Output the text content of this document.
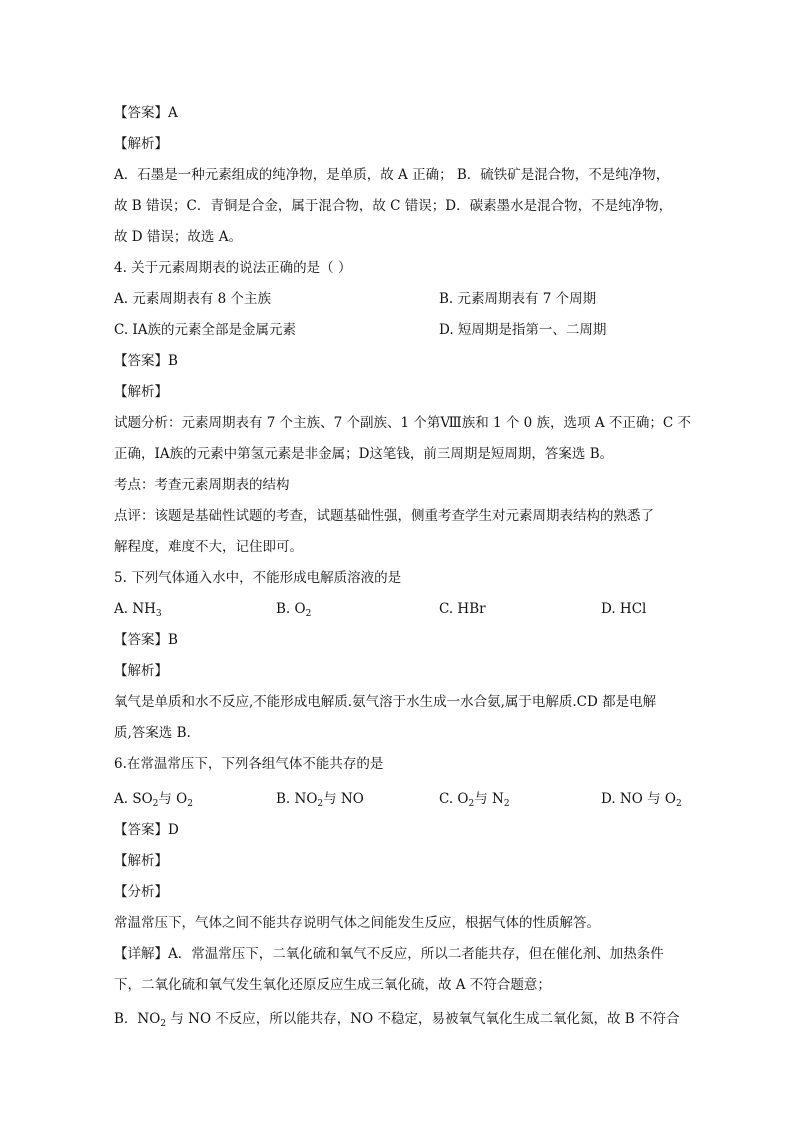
【答案】A
【解析】
A．石墨是一种元素组成的纯净物，是单质，故 A 正确； B．硫铁矿是混合物，不是纯净物，
故 B 错误；C．青铜是合金，属于混合物，故 C 错误；D．碳素墨水是混合物，不是纯净物，
故 D 错误；故选 A。
4. 关于元素周期表的说法正确的是（ ）
A. 元素周期表有 8 个主族	B. 元素周期表有 7 个周期
C. ⅠA族的元素全部是金属元素	D. 短周期是指第一、二周期
【答案】B
【解析】
试题分析：元素周期表有 7 个主族、7 个副族、1 个第Ⅷ族和 1 个 0 族，选项 A 不正确；C 不
正确，ⅠA族的元素中第氢元素是非金属；D这笔钱，前三周期是短周期，答案选 B。
考点：考查元素周期表的结构
点评：该题是基础性试题的考查，试题基础性强，侧重考查学生对元素周期表结构的熟悉了
解程度，难度不大，记住即可。
5. 下列气体通入水中，不能形成电解质溶液的是
A. $NH_3$	B. $O_2$	C. HBr	D. HCl
【答案】B
【解析】
氧气是单质和水不反应,不能形成电解质.氨气溶于水生成一水合氨,属于电解质.CD 都是电解
质,答案选 B.
6.在常温常压下，下列各组气体不能共存的是
A. $SO_2$与 $O_2$	B. $NO_2$与 NO	C. $O_2$与 $N_2$	D. NO 与 $O_2$
【答案】D
【解析】
【分析】
常温常压下，气体之间不能共存说明气体之间能发生反应，根据气体的性质解答。
【详解】A．常温常压下，二氧化硫和氧气不反应，所以二者能共存，但在催化剂、加热条件
下，二氧化硫和氧气发生氧化还原反应生成三氧化硫，故 A 不符合题意；
B．$NO_2$ 与 NO 不反应，所以能共存，NO 不稳定，易被氧气氧化生成二氧化氮，故 B 不符合
